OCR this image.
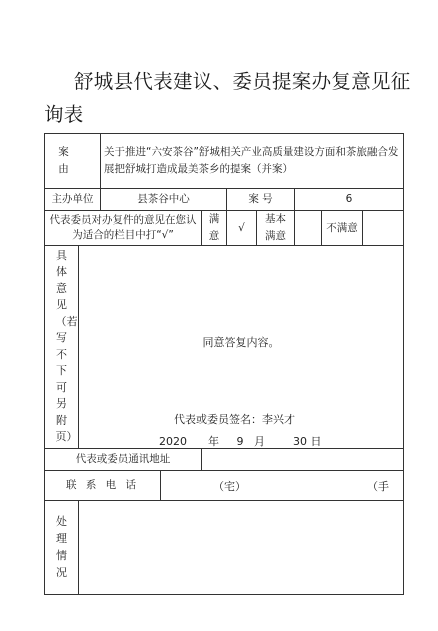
舒城县代表建议、委员提案办复意见征询表
案 由		关于推进“六安茶谷”舒城相关产业高质量建设方面和茶旅融合发展把舒城打造成最美茶乡的提案（并案）							
主办单位		县茶谷中心			案 号		6		
代表委员对办复件的意见在您认为适合的栏目中打“√”				满意	√	基本满意		不满意	
具体意见（若写不下可另附页）	同意答复内容。
代表或委员签名：李兴才
2020 年 9 月 30 日								

代表或委员通讯地址									
联 系 电 话			（宅） （手						

处理情况									
